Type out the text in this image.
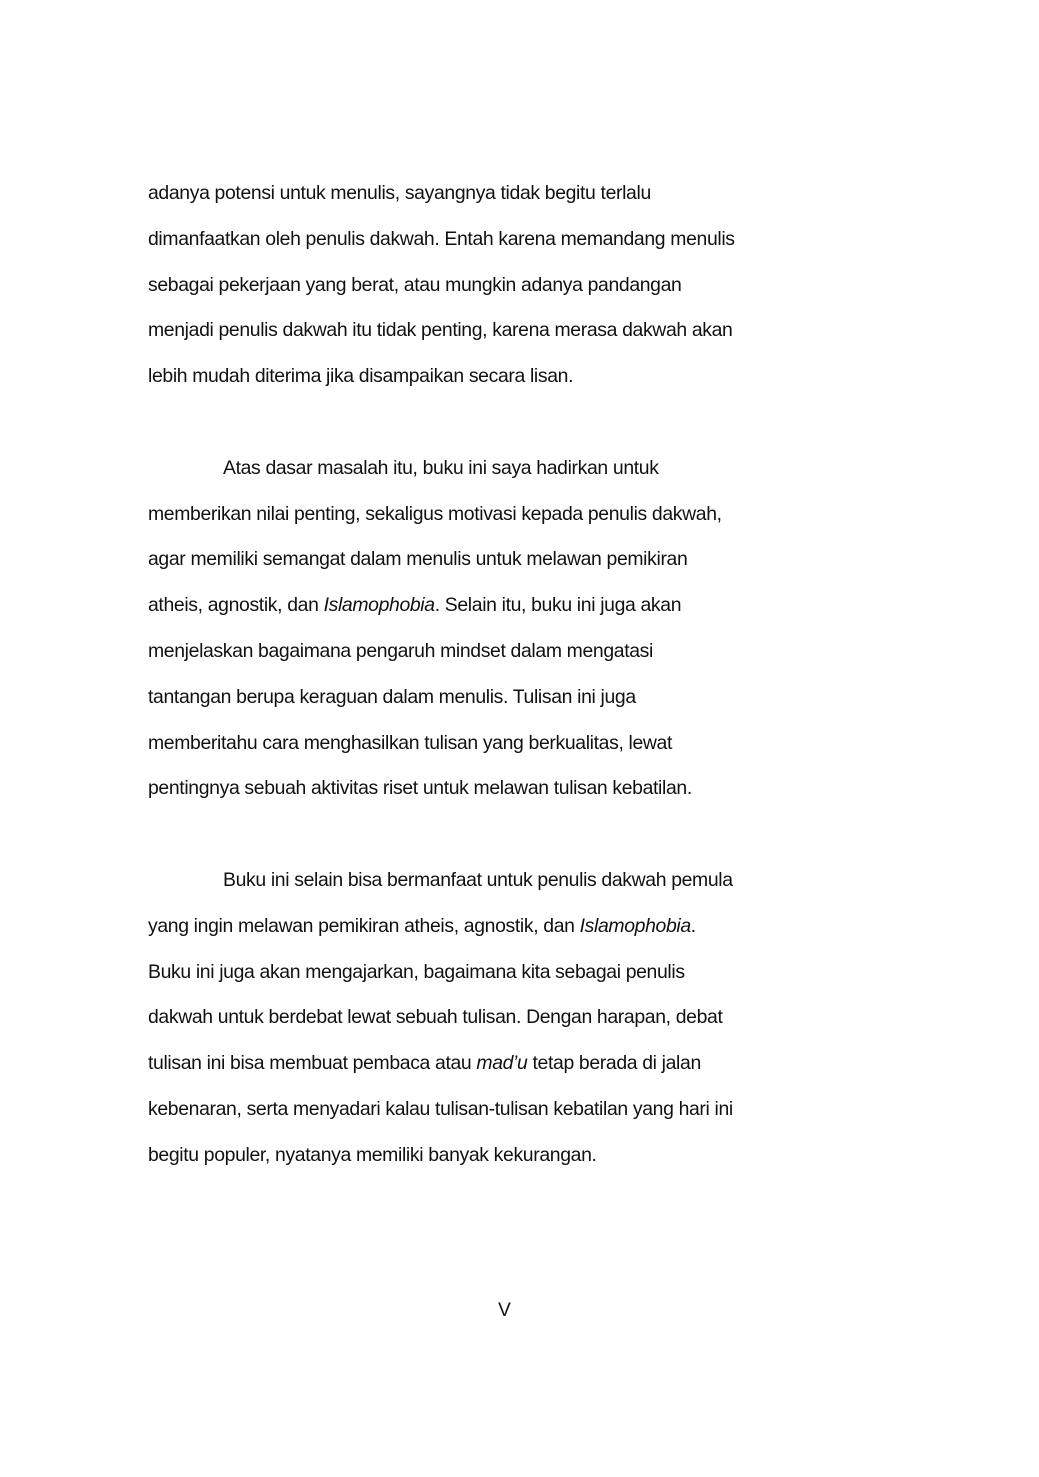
adanya potensi untuk menulis, sayangnya tidak begitu terlalu
dimanfaatkan oleh penulis dakwah. Entah karena memandang menulis
sebagai pekerjaan yang berat, atau mungkin adanya pandangan
menjadi penulis dakwah itu tidak penting, karena merasa dakwah akan
lebih mudah diterima jika disampaikan secara lisan.
Atas dasar masalah itu, buku ini saya hadirkan untuk
memberikan nilai penting, sekaligus motivasi kepada penulis dakwah,
agar memiliki semangat dalam menulis untuk melawan pemikiran
atheis, agnostik, dan Islamophobia. Selain itu, buku ini juga akan
menjelaskan bagaimana pengaruh mindset dalam mengatasi
tantangan berupa keraguan dalam menulis. Tulisan ini juga
memberitahu cara menghasilkan tulisan yang berkualitas, lewat
pentingnya sebuah aktivitas riset untuk melawan tulisan kebatilan.
Buku ini selain bisa bermanfaat untuk penulis dakwah pemula
yang ingin melawan pemikiran atheis, agnostik, dan Islamophobia.
Buku ini juga akan mengajarkan, bagaimana kita sebagai penulis
dakwah untuk berdebat lewat sebuah tulisan. Dengan harapan, debat
tulisan ini bisa membuat pembaca atau mad’u tetap berada di jalan
kebenaran, serta menyadari kalau tulisan-tulisan kebatilan yang hari ini
begitu populer, nyatanya memiliki banyak kekurangan.
V
